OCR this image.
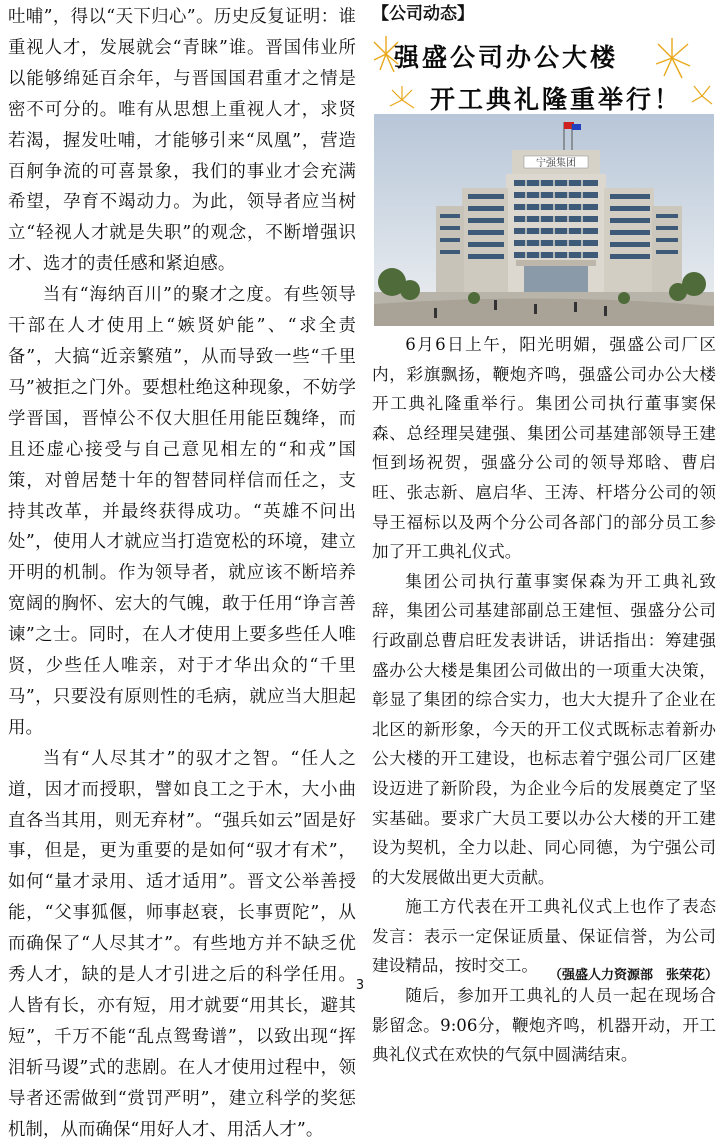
吐哺”，得以“天下归心”。历史反复证明：谁重视人才，发展就会“青睐”谁。晋国伟业所以能够绵延百余年，与晋国国君重才之情是密不可分的。唯有从思想上重视人才，求贤若渴，握发吐哺，才能够引来“凤凰”，营造百舸争流的可喜景象，我们的事业才会充满希望，孕育不竭动力。为此，领导者应当树立“轻视人才就是失职”的观念，不断增强识才、选才的责任感和紧迫感。

当有“海纳百川”的聚才之度。有些领导干部在人才使用上“嫉贤妒能”、“求全责备”，大搞“近亲繁殖”，从而导致一些“千里马”被拒之门外。要想杜绝这种现象，不妨学学晋国，晋悼公不仅大胆任用能臣魏绛，而且还虚心接受与自己意见相左的“和戎”国策，对曾居楚十年的智替同样信而任之，支持其改革，并最终获得成功。“英雄不问出处”，使用人才就应当打造宽松的环境，建立开明的机制。作为领导者，就应该不断培养宽阔的胸怀、宏大的气魄，敢于任用“诤言善谏”之士。同时，在人才使用上要多些任人唯贤，少些任人唯亲，对于才华出众的“千里马”，只要没有原则性的毛病，就应当大胆起用。

当有“人尽其才”的驭才之智。“任人之道，因才而授职，譬如良工之于木，大小曲直各当其用，则无弃材”。“强兵如云”固是好事，但是，更为重要的是如何“驭才有术”，如何“量才录用、适才适用”。晋文公举善授能，“父事狐偃，师事赵衰，长事贾陀”，从而确保了“人尽其才”。有些地方并不缺乏优秀人才，缺的是人才引进之后的科学任用。人皆有长，亦有短，用才就要“用其长，避其短”，千万不能“乱点鸳鸯谱”，以致出现“挥泪斩马谡”式的悲剧。在人才使用过程中，领导者还需做到“赏罚严明”，建立科学的奖惩机制，从而确保“用好人才、用活人才”。

【公司动态】
强盛公司办公大楼
开工典礼隆重举行！
宁强集团

6月6日上午，阳光明媚，强盛公司厂区内，彩旗飘扬，鞭炮齐鸣，强盛公司办公大楼开工典礼隆重举行。集团公司执行董事窦保森、总经理吴建强、集团公司基建部领导王建恒到场祝贺，强盛分公司的领导郑晗、曹启旺、张志新、扈启华、王涛、杆塔分公司的领导王福标以及两个分公司各部门的部分员工参加了开工典礼仪式。

集团公司执行董事窦保森为开工典礼致辞，集团公司基建部副总王建恒、强盛分公司行政副总曹启旺发表讲话，讲话指出：筹建强盛办公大楼是集团公司做出的一项重大决策，彰显了集团的综合实力，也大大提升了企业在北区的新形象，今天的开工仪式既标志着新办公大楼的开工建设，也标志着宁强公司厂区建设迈进了新阶段，为企业今后的发展奠定了坚实基础。要求广大员工要以办公大楼的开工建设为契机，全力以赴、同心同德，为宁强公司的大发展做出更大贡献。

施工方代表在开工典礼仪式上也作了表态发言：表示一定保证质量、保证信誉，为公司建设精品，按时交工。

随后，参加开工典礼的人员一起在现场合影留念。9:06分，鞭炮齐鸣，机器开动，开工典礼仪式在欢快的气氛中圆满结束。

（强盛人力资源部　张荣花）
3
